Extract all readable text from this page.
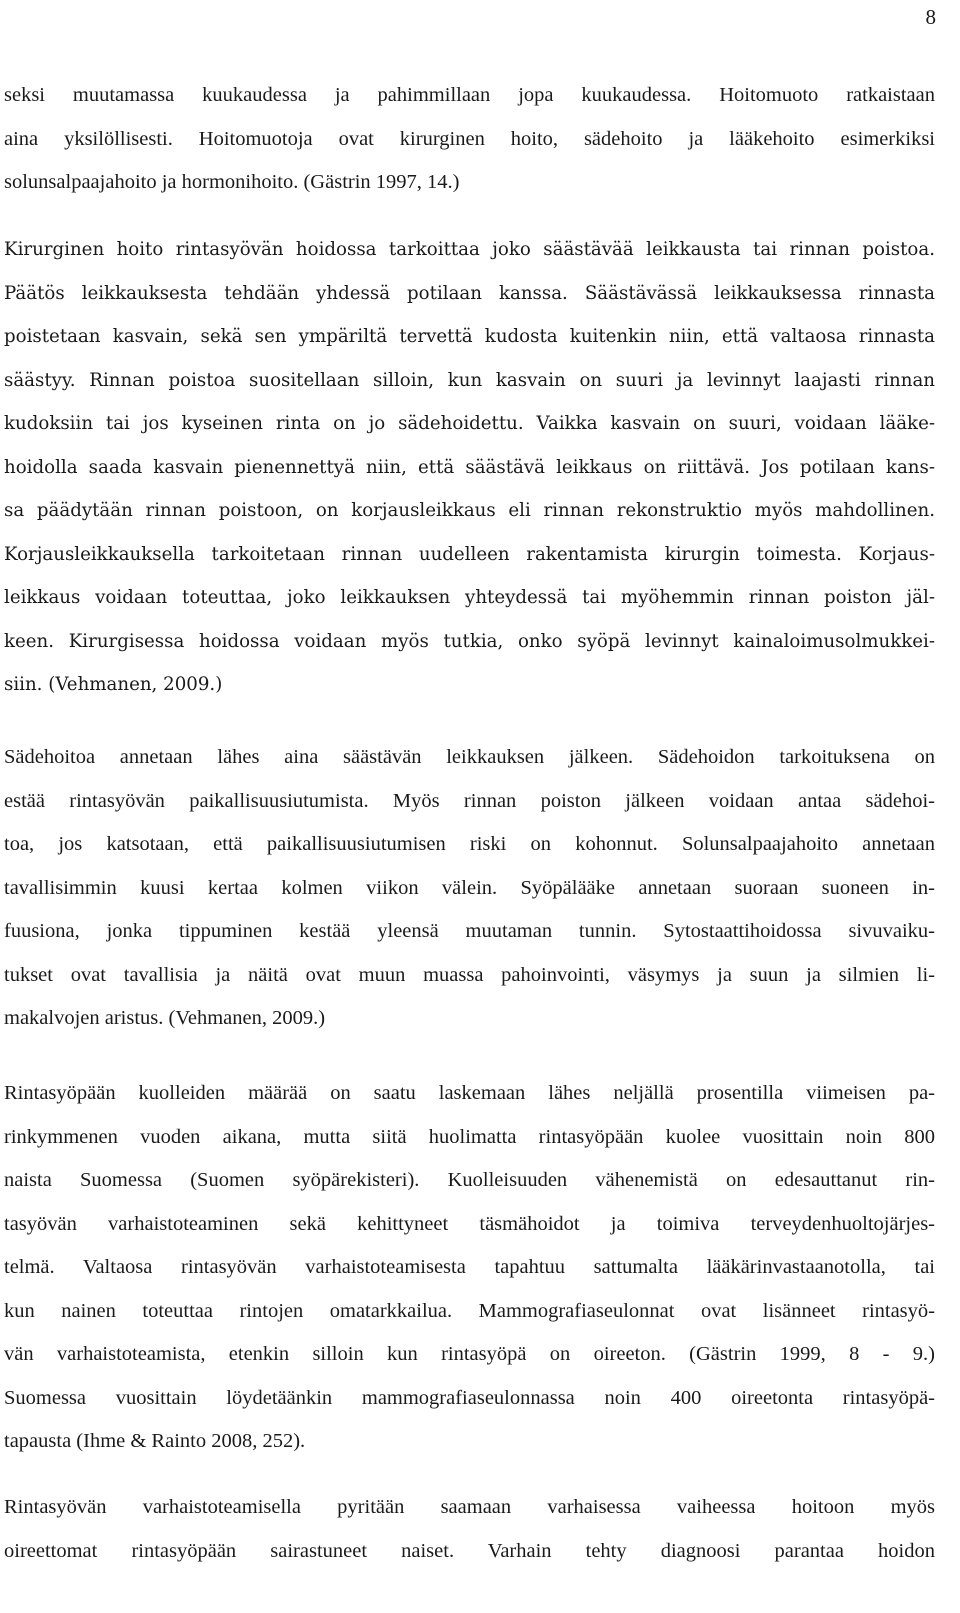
8
seksi muutamassa kuukaudessa ja pahimmillaan jopa kuukaudessa. Hoitomuoto ratkaistaan
aina yksilöllisesti. Hoitomuotoja ovat kirurginen hoito, sädehoito ja lääkehoito esimerkiksi
solunsalpaajahoito ja hormonihoito. (Gästrin 1997, 14.)
Kirurginen hoito rintasyövän hoidossa tarkoittaa joko säästävää leikkausta tai rinnan poistoa.
Päätös leikkauksesta tehdään yhdessä potilaan kanssa. Säästävässä leikkauksessa rinnasta
poistetaan kasvain, sekä sen ympäriltä tervettä kudosta kuitenkin niin, että valtaosa rinnasta
säästyy. Rinnan poistoa suositellaan silloin, kun kasvain on suuri ja levinnyt laajasti rinnan
kudoksiin tai jos kyseinen rinta on jo sädehoidettu. Vaikka kasvain on suuri, voidaan lääke-
hoidolla saada kasvain pienennettyä niin, että säästävä leikkaus on riittävä. Jos potilaan kans-
sa päädytään rinnan poistoon, on korjausleikkaus eli rinnan rekonstruktio myös mahdollinen.
Korjausleikkauksella tarkoitetaan rinnan uudelleen rakentamista kirurgin toimesta. Korjaus-
leikkaus voidaan toteuttaa, joko leikkauksen yhteydessä tai myöhemmin rinnan poiston jäl-
keen. Kirurgisessa hoidossa voidaan myös tutkia, onko syöpä levinnyt kainaloimusolmukkei-
siin. (Vehmanen, 2009.)
Sädehoitoa annetaan lähes aina säästävän leikkauksen jälkeen. Sädehoidon tarkoituksena on
estää rintasyövän paikallisuusiutumista. Myös rinnan poiston jälkeen voidaan antaa sädehoi-
toa, jos katsotaan, että paikallisuusiutumisen riski on kohonnut. Solunsalpaajahoito annetaan
tavallisimmin kuusi kertaa kolmen viikon välein. Syöpälääke annetaan suoraan suoneen in-
fuusiona, jonka tippuminen kestää yleensä muutaman tunnin. Sytostaattihoidossa sivuvaiku-
tukset ovat tavallisia ja näitä ovat muun muassa pahoinvointi, väsymys ja suun ja silmien li-
makalvojen aristus. (Vehmanen, 2009.)
Rintasyöpään kuolleiden määrää on saatu laskemaan lähes neljällä prosentilla viimeisen pa-
rinkymmenen vuoden aikana, mutta siitä huolimatta rintasyöpään kuolee vuosittain noin 800
naista Suomessa (Suomen syöpärekisteri). Kuolleisuuden vähenemistä on edesauttanut rin-
tasyövän varhaistoteaminen sekä kehittyneet täsmähoidot ja toimiva terveydenhuoltojärjes-
telmä. Valtaosa rintasyövän varhaistoteamisesta tapahtuu sattumalta lääkärinvastaanotolla, tai
kun nainen toteuttaa rintojen omatarkkailua. Mammografiaseulonnat ovat lisänneet rintasyö-
vän varhaistoteamista, etenkin silloin kun rintasyöpä on oireeton. (Gästrin 1999, 8 - 9.)
Suomessa vuosittain löydetäänkin mammografiaseulonnassa noin 400 oireetonta rintasyöpä-
tapausta (Ihme & Rainto 2008, 252).
Rintasyövän varhaistoteamisella pyritään saamaan varhaisessa vaiheessa hoitoon myös
oireettomat rintasyöpään sairastuneet naiset. Varhain tehty diagnoosi parantaa hoidon
